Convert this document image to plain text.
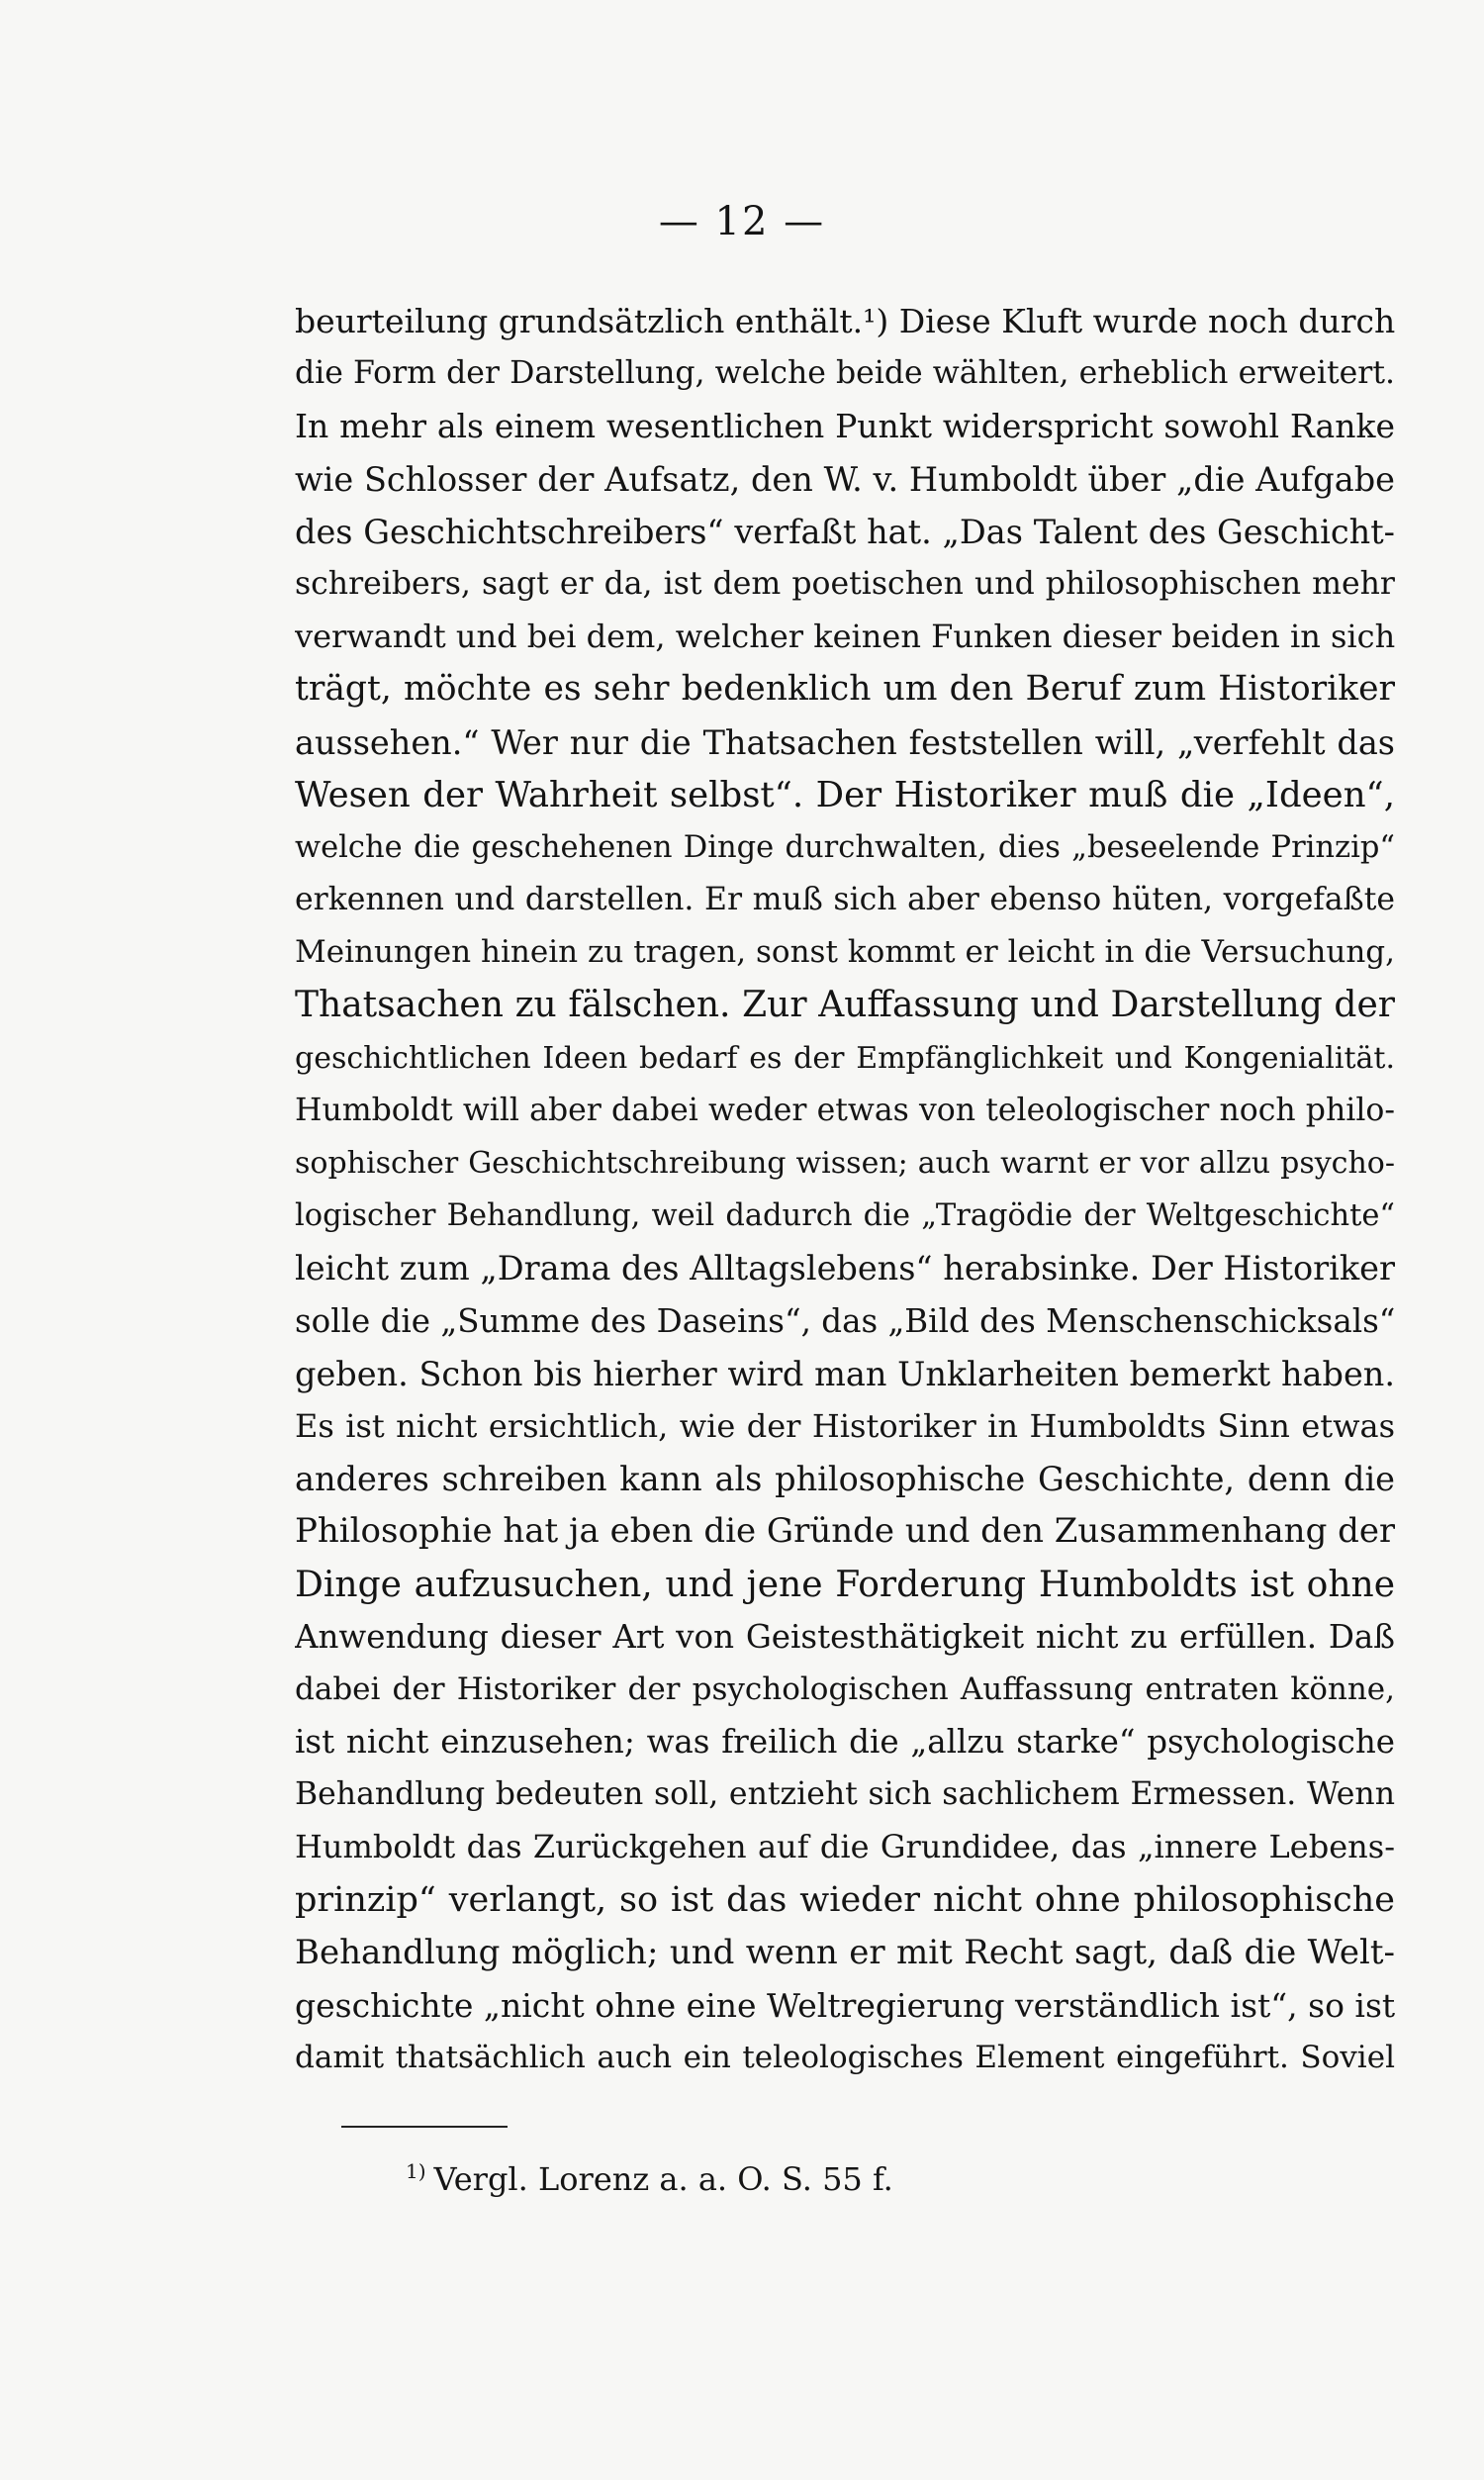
— 12 —
beurteilung grundsätzlich enthält.¹) Diese Kluft wurde noch durch
die Form der Darstellung, welche beide wählten, erheblich erweitert.
In mehr als einem wesentlichen Punkt widerspricht sowohl Ranke
wie Schlosser der Aufsatz, den W. v. Humboldt über „die Aufgabe
des Geschichtschreibers“ verfaßt hat. „Das Talent des Geschicht-
schreibers, sagt er da, ist dem poetischen und philosophischen mehr
verwandt und bei dem, welcher keinen Funken dieser beiden in sich
trägt, möchte es sehr bedenklich um den Beruf zum Historiker
aussehen.“ Wer nur die Thatsachen feststellen will, „verfehlt das
Wesen der Wahrheit selbst“. Der Historiker muß die „Ideen“,
welche die geschehenen Dinge durchwalten, dies „beseelende Prinzip“
erkennen und darstellen. Er muß sich aber ebenso hüten, vorgefaßte
Meinungen hinein zu tragen, sonst kommt er leicht in die Versuchung,
Thatsachen zu fälschen. Zur Auffassung und Darstellung der
geschichtlichen Ideen bedarf es der Empfänglichkeit und Kongenialität.
Humboldt will aber dabei weder etwas von teleologischer noch philo-
sophischer Geschichtschreibung wissen; auch warnt er vor allzu psycho-
logischer Behandlung, weil dadurch die „Tragödie der Weltgeschichte“
leicht zum „Drama des Alltagslebens“ herabsinke. Der Historiker
solle die „Summe des Daseins“, das „Bild des Menschenschicksals“
geben. Schon bis hierher wird man Unklarheiten bemerkt haben.
Es ist nicht ersichtlich, wie der Historiker in Humboldts Sinn etwas
anderes schreiben kann als philosophische Geschichte, denn die
Philosophie hat ja eben die Gründe und den Zusammenhang der
Dinge aufzusuchen, und jene Forderung Humboldts ist ohne
Anwendung dieser Art von Geistesthätigkeit nicht zu erfüllen. Daß
dabei der Historiker der psychologischen Auffassung entraten könne,
ist nicht einzusehen; was freilich die „allzu starke“ psychologische
Behandlung bedeuten soll, entzieht sich sachlichem Ermessen. Wenn
Humboldt das Zurückgehen auf die Grundidee, das „innere Lebens-
prinzip“ verlangt, so ist das wieder nicht ohne philosophische
Behandlung möglich; und wenn er mit Recht sagt, daß die Welt-
geschichte „nicht ohne eine Weltregierung verständlich ist“, so ist
damit thatsächlich auch ein teleologisches Element eingeführt. Soviel
$^{1)}$ Vergl. Lorenz a. a. O. S. 55 f.
